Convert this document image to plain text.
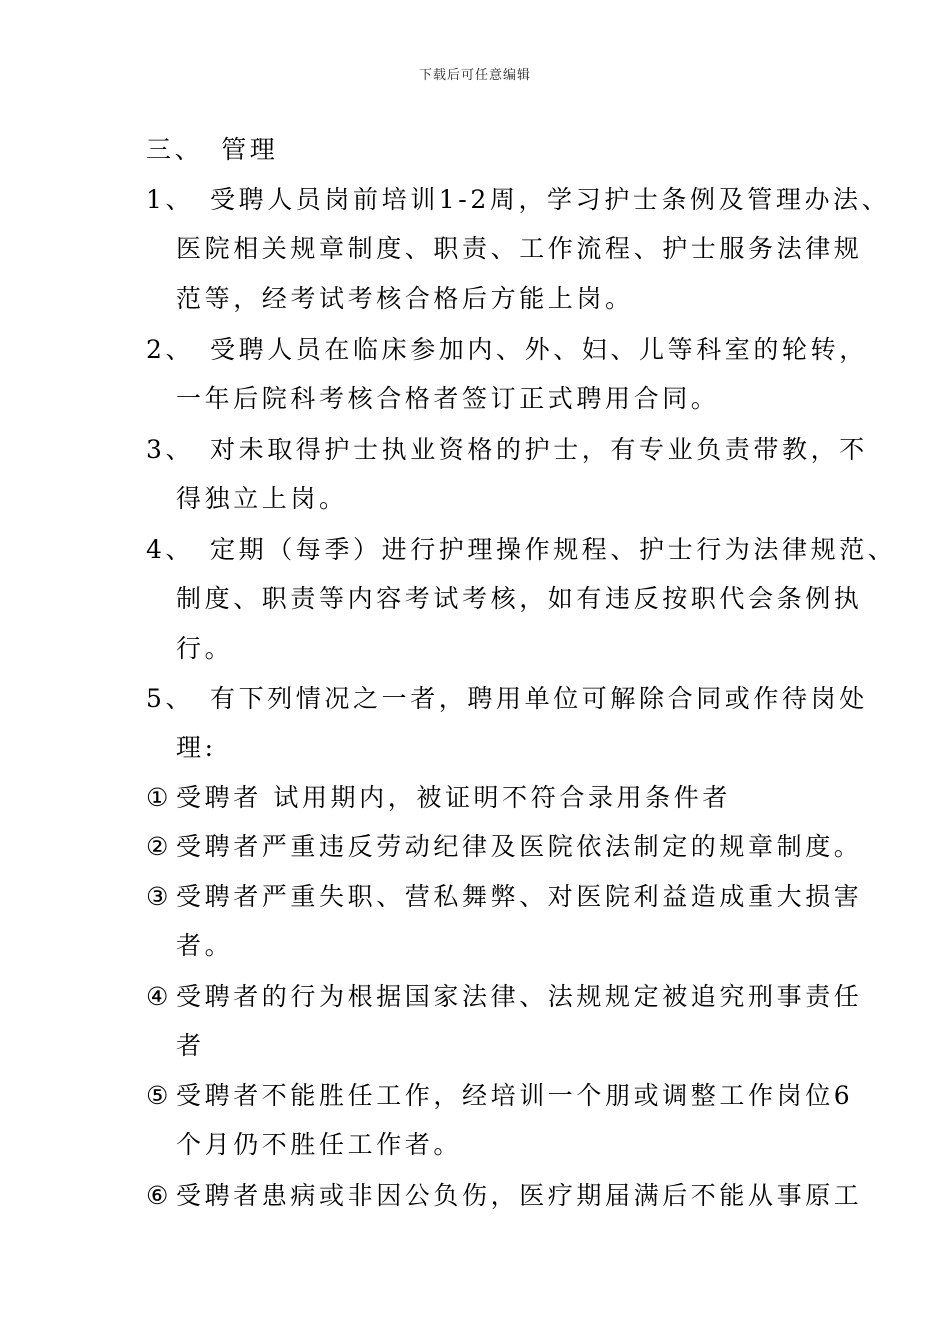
下载后可任意编辑
三、 管理
1、 受聘人员岗前培训1-2周，学习护士条例及管理办法、
医院相关规章制度、职责、工作流程、护士服务法律规
范等，经考试考核合格后方能上岗。
2、 受聘人员在临床参加内、外、妇、儿等科室的轮转，
一年后院科考核合格者签订正式聘用合同。
3、 对未取得护士执业资格的护士，有专业负责带教，不
得独立上岗。
4、 定期（每季）进行护理操作规程、护士行为法律规范、
制度、职责等内容考试考核，如有违反按职代会条例执
行。
5、 有下列情况之一者，聘用单位可解除合同或作待岗处
理:
① 受聘者 试用期内，被证明不符合录用条件者
② 受聘者严重违反劳动纪律及医院依法制定的规章制度。
③ 受聘者严重失职、营私舞弊、对医院利益造成重大损害
者。
④ 受聘者的行为根据国家法律、法规规定被追究刑事责任
者
⑤ 受聘者不能胜任工作，经培训一个朋或调整工作岗位6
个月仍不胜任工作者。
⑥ 受聘者患病或非因公负伤，医疗期届满后不能从事原工
